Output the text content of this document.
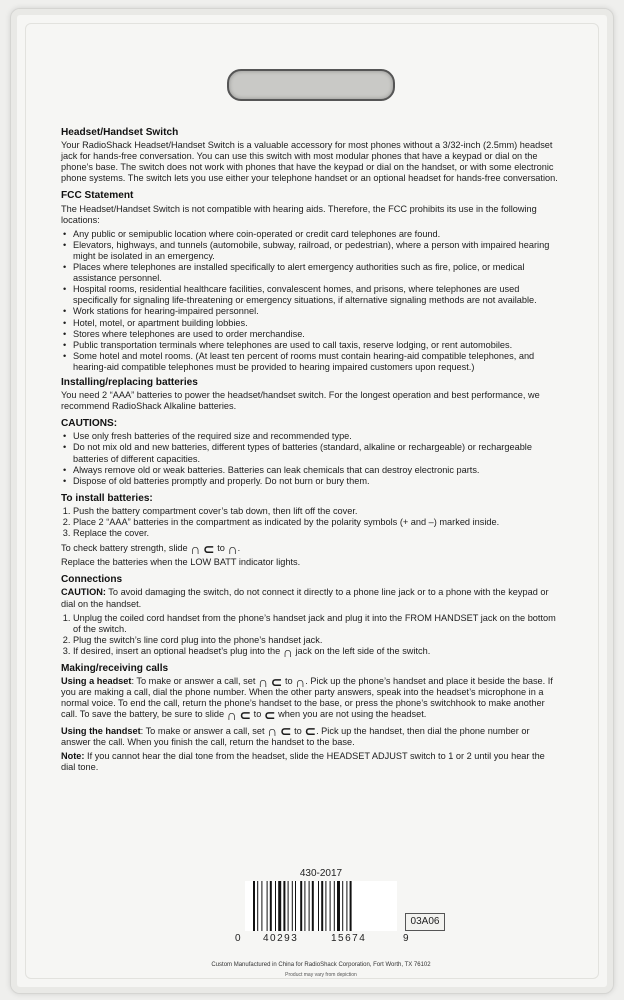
Headset/Handset Switch

Your RadioShack Headset/Handset Switch is a valuable accessory for most phones without a 3/32-inch (2.5mm) headset jack for hands-free conversation. You can use this switch with most modular phones that have a keypad or dial on the phone’s base. The switch does not work with phones that have the keypad or dial on the handset, or with some electronic phone systems. The switch lets you use either your telephone handset or an optional headset for hands-free conversation.

FCC Statement

The Headset/Handset Switch is not compatible with hearing aids. Therefore, the FCC prohibits its use in the following locations:

• Any public or semipublic location where coin-operated or credit card telephones are found.
• Elevators, highways, and tunnels (automobile, subway, railroad, or pedestrian), where a person with impaired hearing might be isolated in an emergency.
• Places where telephones are installed specifically to alert emergency authorities such as fire, police, or medical assistance personnel.
• Hospital rooms, residential healthcare facilities, convalescent homes, and prisons, where telephones are used specifically for signaling life-threatening or emergency situations, if alternative signaling methods are not available.
• Work stations for hearing-impaired personnel.
• Hotel, motel, or apartment building lobbies.
• Stores where telephones are used to order merchandise.
• Public transportation terminals where telephones are used to call taxis, reserve lodging, or rent automobiles.
• Some hotel and motel rooms. (At least ten percent of rooms must contain hearing-aid compatible telephones, and hearing-aid compatible telephones must be provided to hearing impaired customers upon request.)
Installing/replacing batteries

You need 2 “AAA” batteries to power the headset/handset switch. For the longest operation and best performance, we recommend RadioShack Alkaline batteries.

CAUTIONS:
• Use only fresh batteries of the required size and recommended type.
• Do not mix old and new batteries, different types of batteries (standard, alkaline or rechargeable) or rechargeable batteries of different capacities.
• Always remove old or weak batteries. Batteries can leak chemicals that can destroy electronic parts.
• Dispose of old batteries promptly and properly. Do not burn or bury them.
To install batteries:
1. Push the battery compartment cover’s tab down, then lift off the cover.
2. Place 2 “AAA” batteries in the compartment as indicated by the polarity symbols (+ and –) marked inside.
3. Replace the cover.

To check battery strength, slide ∩ ⊂ to ∩.

Replace the batteries when the LOW BATT indicator lights.

Connections

CAUTION: To avoid damaging the switch, do not connect it directly to a phone line jack or to a phone with the keypad or dial on the handset.

1. Unplug the coiled cord handset from the phone’s handset jack and plug it into the FROM HANDSET jack on the bottom of the switch.
2. Plug the switch’s line cord plug into the phone’s handset jack.
3. If desired, insert an optional headset’s plug into the ∩ jack on the left side of the switch.
Making/receiving calls

Using a headset: To make or answer a call, set ∩ ⊂ to ∩. Pick up the phone’s handset and place it beside the base. If you are making a call, dial the phone number. When the other party answers, speak into the headset’s microphone in a normal voice. To end the call, return the phone’s handset to the base, or press the phone’s switchhook to make another call. To save the battery, be sure to slide ∩ ⊂ to ⊂ when you are not using the headset.

Using the handset: To make or answer a call, set ∩ ⊂ to ⊂. Pick up the handset, then dial the phone number or answer the call. When you finish the call, return the handset to the base.

Note: If you cannot hear the dial tone from the headset, slide the HEADSET ADJUST switch to 1 or 2 until you hear the dial tone.

430-2017
0 40293	15674	9
03A06
Custom Manufactured in China for RadioShack Corporation, Fort Worth, TX 76102
Product may vary from depiction
